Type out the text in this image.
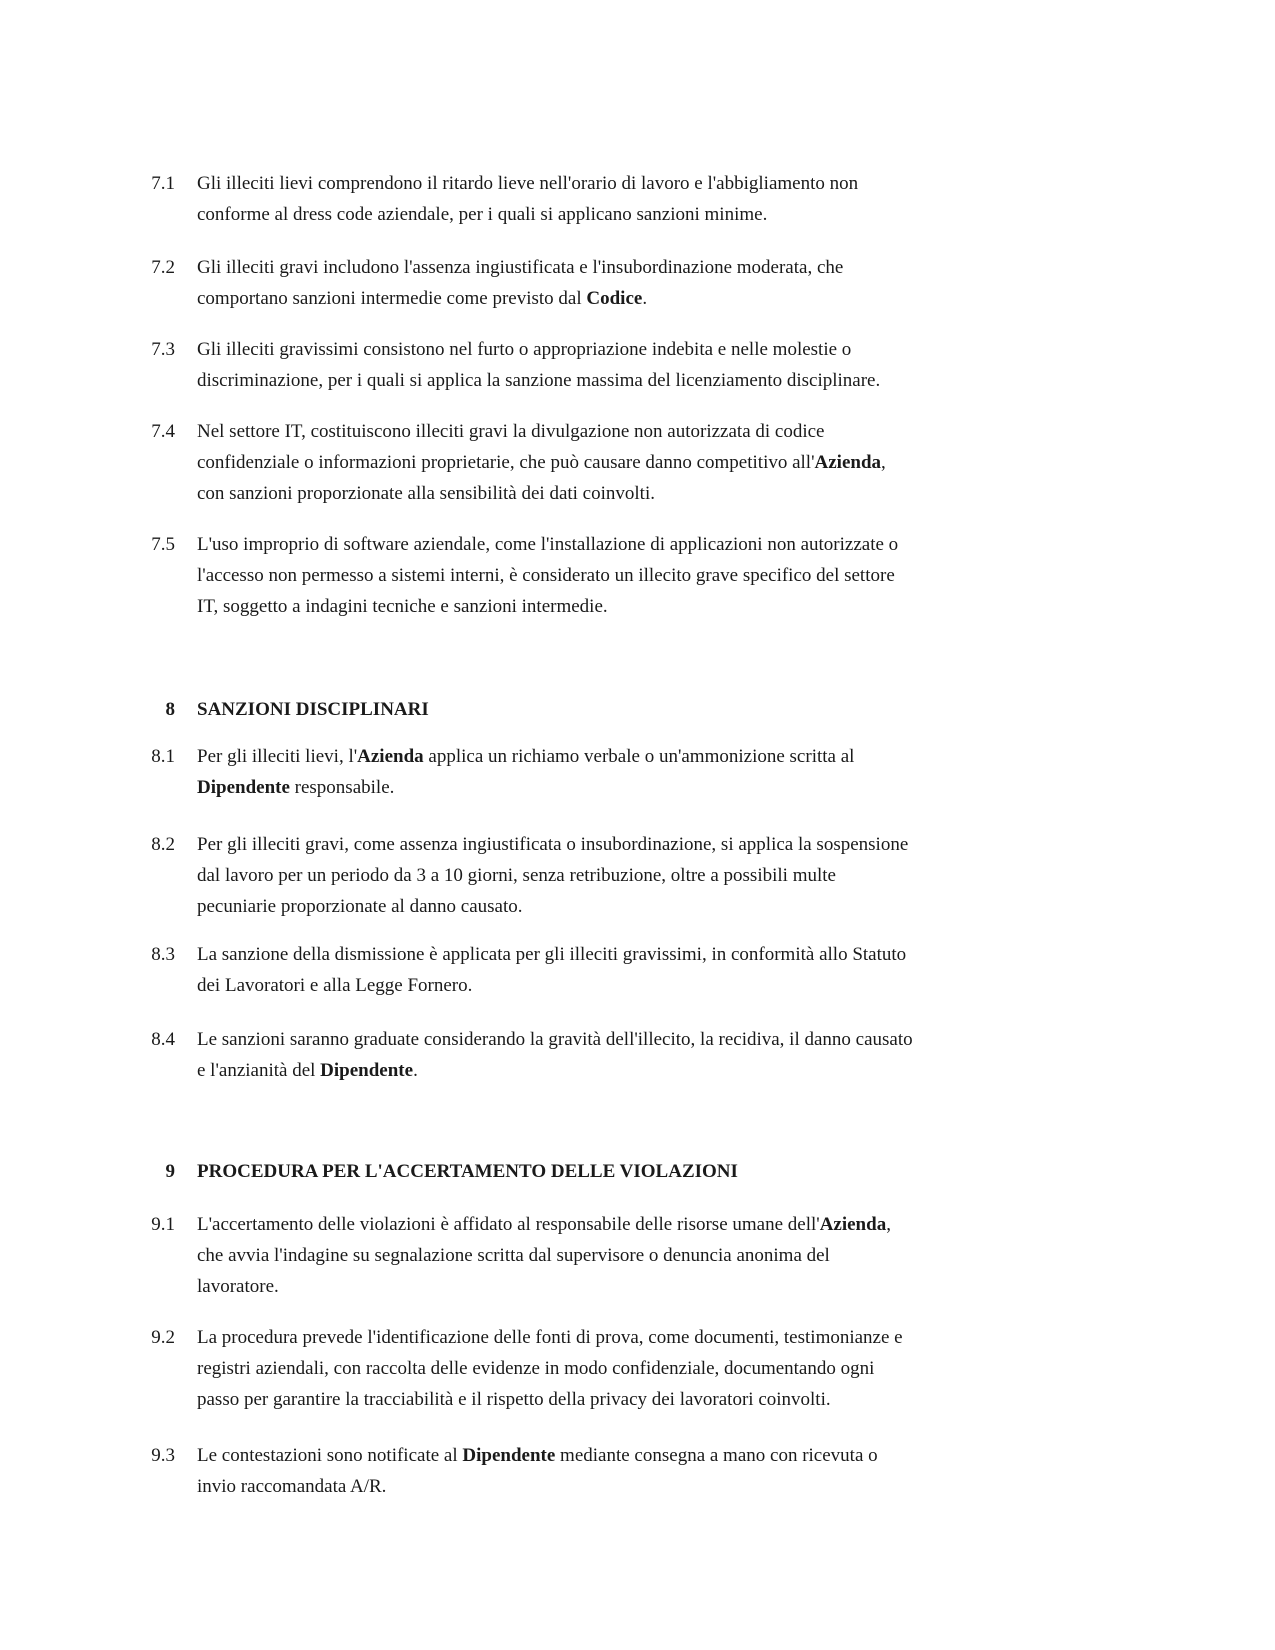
7.1 Gli illeciti lievi comprendono il ritardo lieve nell'orario di lavoro e l'abbigliamento non
conforme al dress code aziendale, per i quali si applicano sanzioni minime.
7.2 Gli illeciti gravi includono l'assenza ingiustificata e l'insubordinazione moderata, che
comportano sanzioni intermedie come previsto dal Codice.
7.3 Gli illeciti gravissimi consistono nel furto o appropriazione indebita e nelle molestie o
discriminazione, per i quali si applica la sanzione massima del licenziamento disciplinare.
7.4 Nel settore IT, costituiscono illeciti gravi la divulgazione non autorizzata di codice
confidenziale o informazioni proprietarie, che può causare danno competitivo all'Azienda,
con sanzioni proporzionate alla sensibilità dei dati coinvolti.
7.5 L'uso improprio di software aziendale, come l'installazione di applicazioni non autorizzate o
l'accesso non permesso a sistemi interni, è considerato un illecito grave specifico del settore
IT, soggetto a indagini tecniche e sanzioni intermedie.
8 SANZIONI DISCIPLINARI
8.1 Per gli illeciti lievi, l'Azienda applica un richiamo verbale o un'ammonizione scritta al
Dipendente responsabile.
8.2 Per gli illeciti gravi, come assenza ingiustificata o insubordinazione, si applica la sospensione
dal lavoro per un periodo da 3 a 10 giorni, senza retribuzione, oltre a possibili multe
pecuniarie proporzionate al danno causato.
8.3 La sanzione della dismissione è applicata per gli illeciti gravissimi, in conformità allo Statuto
dei Lavoratori e alla Legge Fornero.
8.4 Le sanzioni saranno graduate considerando la gravità dell'illecito, la recidiva, il danno causato
e l'anzianità del Dipendente.
9 PROCEDURA PER L'ACCERTAMENTO DELLE VIOLAZIONI
9.1 L'accertamento delle violazioni è affidato al responsabile delle risorse umane dell'Azienda,
che avvia l'indagine su segnalazione scritta dal supervisore o denuncia anonima del
lavoratore.
9.2 La procedura prevede l'identificazione delle fonti di prova, come documenti, testimonianze e
registri aziendali, con raccolta delle evidenze in modo confidenziale, documentando ogni
passo per garantire la tracciabilità e il rispetto della privacy dei lavoratori coinvolti.
9.3 Le contestazioni sono notificate al Dipendente mediante consegna a mano con ricevuta o
invio raccomandata A/R.
